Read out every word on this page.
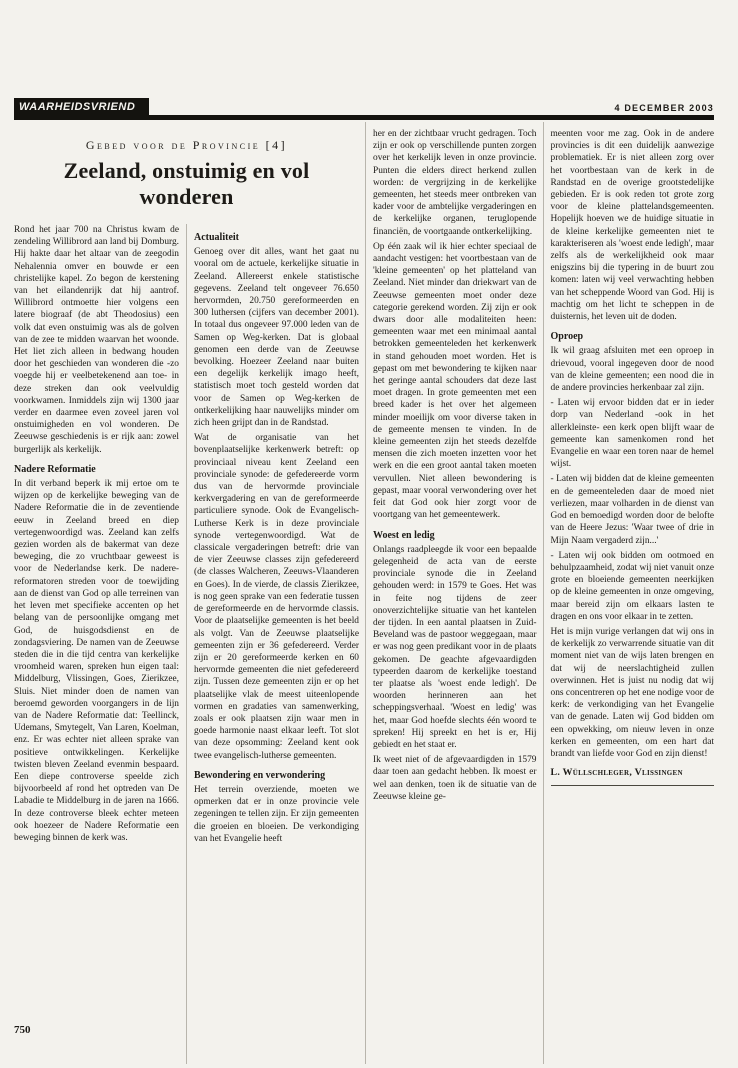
WAARHEIDSVRIEND	4 DECEMBER 2003
Gebed voor de Provincie [4]
Zeeland, onstuimig en vol wonderen

Rond het jaar 700 na Christus kwam de zendeling Willibrord aan land bij Domburg. Hij hakte daar het altaar van de zeegodin Nehalennia omver en bouwde er een christelijke kapel. Zo begon de kerstening van het eilandenrijk dat hij aantrof. Willibrord ontmoette hier volgens een latere biograaf (de abt Theodosius) een volk dat even onstuimig was als de golven van de zee te midden waarvan het woonde. Het liet zich alleen in bedwang houden door het geschieden van wonderen die -zo voegde hij er veelbetekenend aan toe- in deze streken dan ook veelvuldig voorkwamen. Inmiddels zijn wij 1300 jaar verder en daarmee even zoveel jaren vol onstuimigheden en vol wonderen. De Zeeuwse geschiedenis is er rijk aan: zowel burgerlijk als kerkelijk.

Nadere Reformatie

In dit verband beperk ik mij ertoe om te wijzen op de kerkelijke beweging van de Nadere Reformatie die in de zeventiende eeuw in Zeeland breed en diep vertegenwoordigd was. Zeeland kan zelfs gezien worden als de bakermat van deze beweging, die zo vruchtbaar geweest is voor de Nederlandse kerk. De nadere-reformatoren streden voor de toewijding aan de dienst van God op alle terreinen van het leven met specifieke accenten op het belang van de persoonlijke omgang met God, de huisgodsdienst en de zondagsviering. De namen van de Zeeuwse steden die in die tijd centra van kerkelijke vroomheid waren, spreken hun eigen taal: Middelburg, Vlissingen, Goes, Zierikzee, Sluis. Niet minder doen de namen van beroemd geworden voorgangers in de lijn van de Nadere Reformatie dat: Teellinck, Udemans, Smytegelt, Van Laren, Koelman, enz. Er was echter niet alleen sprake van positieve ontwikkelingen. Kerkelijke twisten bleven Zeeland evenmin bespaard. Een diepe controverse speelde zich bijvoorbeeld af rond het optreden van De Labadie te Middelburg in de jaren na 1666. In deze controverse bleek echter meteen ook hoezeer de Nadere Reformatie een beweging binnen de kerk was.

750
Actualiteit

Genoeg over dit alles, want het gaat nu vooral om de actuele, kerkelijke situatie in Zeeland. Allereerst enkele statistische gegevens. Zeeland telt ongeveer 76.650 hervormden, 20.750 gereformeerden en 300 luthersen (cijfers van december 2001). In totaal dus ongeveer 97.000 leden van de Samen op Weg-kerken. Dat is globaal genomen een derde van de Zeeuwse bevolking. Hoezeer Zeeland naar buiten een degelijk kerkelijk imago heeft, statistisch moet toch gesteld worden dat voor de Samen op Weg-kerken de ontkerkelijking haar nauwelijks minder om zich heen grijpt dan in de Randstad.

Wat de organisatie van het bovenplaatselijke kerkenwerk betreft: op provinciaal niveau kent Zeeland een provinciale synode: de gefedereerde vorm dus van de hervormde provinciale kerkvergadering en van de gereformeerde particuliere synode. Ook de Evangelisch-Lutherse Kerk is in deze provinciale synode vertegenwoordigd. Wat de classicale vergaderingen betreft: drie van de vier Zeeuwse classes zijn gefedereerd (de classes Walcheren, Zeeuws-Vlaanderen en Goes). In de vierde, de classis Zierikzee, is nog geen sprake van een federatie tussen de gereformeerde en de hervormde classis. Voor de plaatselijke gemeenten is het beeld als volgt. Van de Zeeuwse plaatselijke gemeenten zijn er 36 gefedereerd. Verder zijn er 20 gereformeerde kerken en 60 hervormde gemeenten die niet gefedereerd zijn. Tussen deze gemeenten zijn er op het plaatselijke vlak de meest uiteenlopende vormen en gradaties van samenwerking, zoals er ook plaatsen zijn waar men in goede harmonie naast elkaar leeft. Tot slot van deze opsomming: Zeeland kent ook twee evangelisch-lutherse gemeenten.

Bewondering en verwondering

Het terrein overziende, moeten we opmerken dat er in onze provincie vele zegeningen te tellen zijn. Er zijn gemeenten die groeien en bloeien. De verkondiging van het Evangelie heeft

her en der zichtbaar vrucht gedragen. Toch zijn er ook op verschillende punten zorgen over het kerkelijk leven in onze provincie. Punten die elders direct herkend zullen worden: de vergrijzing in de kerkelijke gemeenten, het steeds meer ontbreken van kader voor de ambtelijke vergaderingen en de kerkelijke organen, teruglopende financiën, de voortgaande ontkerkelijking.

Op één zaak wil ik hier echter speciaal de aandacht vestigen: het voortbestaan van de 'kleine gemeenten' op het platteland van Zeeland. Niet minder dan driekwart van de Zeeuwse gemeenten moet onder deze categorie gerekend worden. Zij zijn er ook dwars door alle modaliteiten heen: gemeenten waar met een minimaal aantal betrokken gemeenteleden het kerkenwerk in stand gehouden moet worden. Het is gepast om met bewondering te kijken naar het geringe aantal schouders dat deze last moet dragen. In grote gemeenten met een breed kader is het over het algemeen minder moeilijk om voor diverse taken in de gemeente mensen te vinden. In de kleine gemeenten zijn het steeds dezelfde mensen die zich moeten inzetten voor het werk en die een groot aantal taken moeten vervullen. Niet alleen bewondering is gepast, maar vooral verwondering over het feit dat God ook hier zorgt voor de voortgang van het gemeentewerk.

Woest en ledig

Onlangs raadpleegde ik voor een bepaalde gelegenheid de acta van de eerste provinciale synode die in Zeeland gehouden werd: in 1579 te Goes. Het was in feite nog tijdens de zeer onoverzichtelijke situatie van het kantelen der tijden. In een aantal plaatsen in Zuid-Beveland was de pastoor weggegaan, maar er was nog geen predikant voor in de plaats gekomen. De geachte afgevaardigden typeerden daarom de kerkelijke toestand ter plaatse als 'woest ende ledigh'. De woorden herinneren aan het scheppingsverhaal. 'Woest en ledig' was het, maar God hoefde slechts één woord te spreken! Hij spreekt en het is er, Hij gebiedt en het staat er.

Ik weet niet of de afgevaardigden in 1579 daar toen aan gedacht hebben. Ik moest er wel aan denken, toen ik de situatie van de Zeeuwse kleine ge-

meenten voor me zag. Ook in de andere provincies is dit een duidelijk aanwezige problematiek. Er is niet alleen zorg over het voortbestaan van de kerk in de Randstad en de overige grootstedelijke gebieden. Er is ook reden tot grote zorg voor de kleine plattelandsgemeenten. Hopelijk hoeven we de huidige situatie in de kleine kerkelijke gemeenten niet te karakteriseren als 'woest ende ledigh', maar zelfs als de werkelijkheid ook maar enigszins bij die typering in de buurt zou komen: laten wij veel verwachting hebben van het scheppende Woord van God. Hij is machtig om het licht te scheppen in de duisternis, het leven uit de doden.

Oproep

Ik wil graag afsluiten met een oproep in drievoud, vooral ingegeven door de nood van de kleine gemeenten; een nood die in de andere provincies herkenbaar zal zijn.

- Laten wij ervoor bidden dat er in ieder dorp van Nederland -ook in het allerkleinste- een kerk open blijft waar de gemeente kan samenkomen rond het Evangelie en waar een toren naar de hemel wijst.

- Laten wij bidden dat de kleine gemeenten en de gemeenteleden daar de moed niet verliezen, maar volharden in de dienst van God en bemoedigd worden door de belofte van de Heere Jezus: 'Waar twee of drie in Mijn Naam vergaderd zijn...'

- Laten wij ook bidden om ootmoed en behulpzaamheid, zodat wij niet vanuit onze grote en bloeiende gemeenten neerkijken op de kleine gemeenten in onze omgeving, maar bereid zijn om elkaars lasten te dragen en ons voor elkaar in te zetten.

Het is mijn vurige verlangen dat wij ons in de kerkelijk zo verwarrende situatie van dit moment niet van de wijs laten brengen en dat wij de neerslachtigheid zullen overwinnen. Het is juist nu nodig dat wij ons concentreren op het ene nodige voor de kerk: de verkondiging van het Evangelie van de genade. Laten wij God bidden om een opwekking, om nieuw leven in onze kerken en gemeenten, om een hart dat brandt van liefde voor God en zijn dienst!

L. Wüllschleger, Vlissingen
